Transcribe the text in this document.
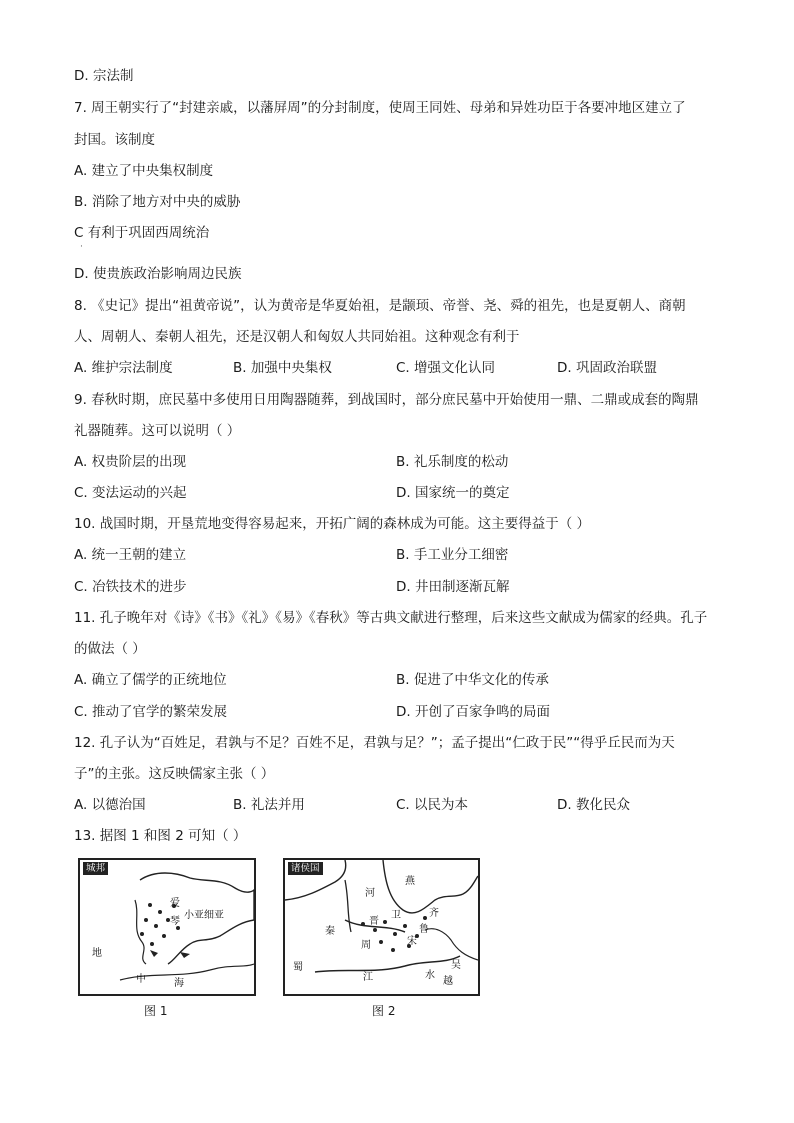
D. 宗法制
7. 周王朝实行了“封建亲戚，以藩屏周”的分封制度，使周王同姓、母弟和异姓功臣于各要冲地区建立了
封国。该制度
A. 建立了中央集权制度
B. 消除了地方对中央的威胁
C 有利于巩固西周统治
·
D. 使贵族政治影响周边民族
8. 《史记》提出“祖黄帝说”，认为黄帝是华夏始祖，是颛顼、帝誉、尧、舜的祖先，也是夏朝人、商朝
人、周朝人、秦朝人祖先，还是汉朝人和匈奴人共同始祖。这种观念有利于
A. 维护宗法制度	B. 加强中央集权	C. 增强文化认同	D. 巩固政治联盟
9. 春秋时期，庶民墓中多使用日用陶器随葬，到战国时，部分庶民墓中开始使用一鼎、二鼎或成套的陶鼎
礼器随葬。这可以说明（ ）
A. 权贵阶层的出现	B. 礼乐制度的松动
C. 变法运动的兴起	D. 国家统一的奠定
10. 战国时期，开垦荒地变得容易起来，开拓广阔的森林成为可能。这主要得益于（ ）
A. 统一王朝的建立	B. 手工业分工细密
C. 冶铁技术的进步	D. 井田制逐渐瓦解
11. 孔子晚年对《诗》《书》《礼》《易》《春秋》等古典文献进行整理，后来这些文献成为儒家的经典。孔子
的做法（ ）
A. 确立了儒学的正统地位	B. 促进了中华文化的传承
C. 推动了官学的繁荣发展	D. 开创了百家争鸣的局面
12. 孔子认为“百姓足，君孰与不足？百姓不足，君孰与足？”；孟子提出“仁政于民”“得乎丘民而为天
子”的主张。这反映儒家主张（ ）
A. 以德治国	B. 礼法并用	C. 以民为本	D. 教化民众
13. 据图 1 和图 2 可知（ ）
城邦
小亚细亚
爱
琴
地
中	海
图 1
诸侯国
燕
河
齐
晋
卫
鲁
秦
周	宋
蜀
江	水
吴
越
图 2
